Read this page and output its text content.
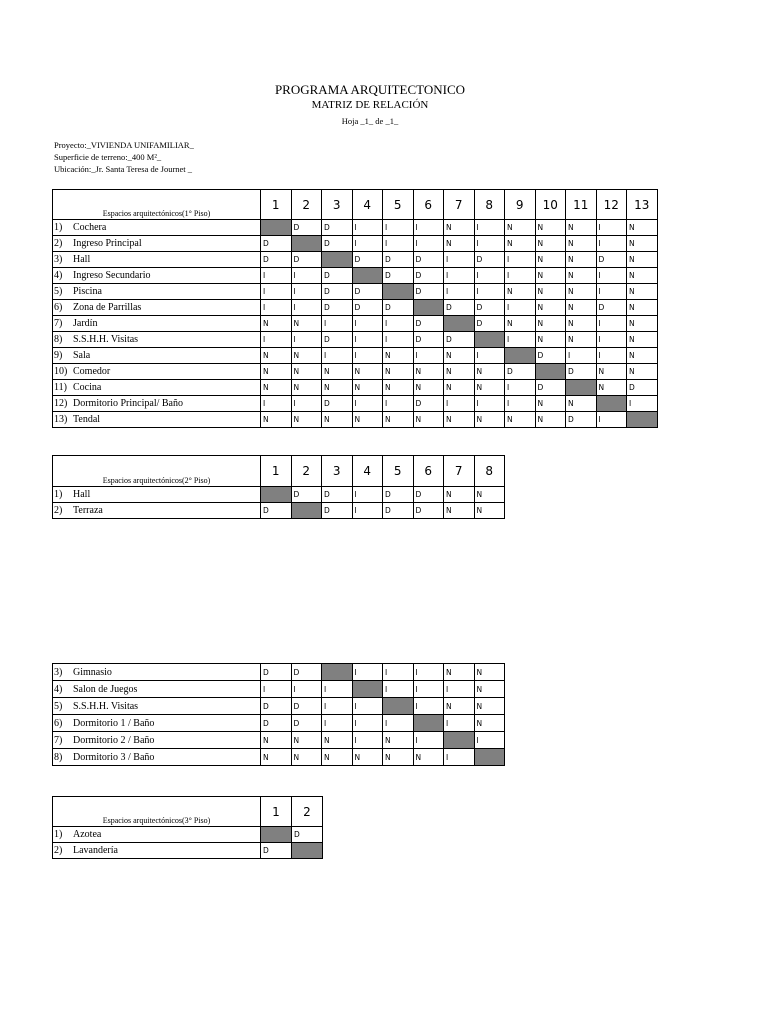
PROGRAMA ARQUITECTONICO
MATRIZ DE RELACIÓN
Hoja _1_ de _1_
Proyecto:_VIVIENDA UNIFAMILIAR_
Superficie de terreno:_400 M²_
Ubicación:_Jr. Santa Teresa de Journet _
Espacios arquitectónicos(1° Piso)	1	2	3	4	5	6	7	8	9	10	11	12	13
1) Cochera		D	D	I	I	I	N	I	N	N	N	I	N
2) Ingreso Principal	D		D	I	I	I	N	I	N	N	N	I	N
3) Hall	D	D		D	D	D	I	D	I	N	N	D	N
4) Ingreso Secundario	I	I	D		D	D	I	I	I	N	N	I	N
5) Piscina	I	I	D	D		D	I	I	N	N	N	I	N
6) Zona de Parrillas	I	I	D	D	D		D	D	I	N	N	D	N
7) Jardín	N	N	I	I	I	D		D	N	N	N	I	N
8) S.S.H.H. Visitas	I	I	D	I	I	D	D		I	N	N	I	N
9) Sala	N	N	I	I	N	I	N	I		D	I	I	N
10) Comedor	N	N	N	N	N	N	N	N	D		D	N	N
11) Cocina	N	N	N	N	N	N	N	N	I	D		N	D
12) Dormitorio Principal/ Baño	I	I	D	I	I	D	I	I	I	N	N		I
13) Tendal	N	N	N	N	N	N	N	N	N	N	D	I	
Espacios arquitectónicos(2° Piso)	1	2	3	4	5	6	7	8
1) Hall		D	D	I	D	D	N	N
2) Terraza	D		D	I	D	D	N	N
3) Gimnasio	D	D		I	I	I	N	N
4) Salon de Juegos	I	I	I		I	I	I	N
5) S.S.H.H. Visitas	D	D	I	I		I	N	N
6) Dormitorio 1 / Baño	D	D	I	I	I		I	N
7) Dormitorio 2 / Baño	N	N	N	I	N	I		I
8) Dormitorio 3 / Baño	N	N	N	N	N	N	I	
Espacios arquitectónicos(3° Piso)	1	2
1) Azotea		D
2) Lavandería	D	
